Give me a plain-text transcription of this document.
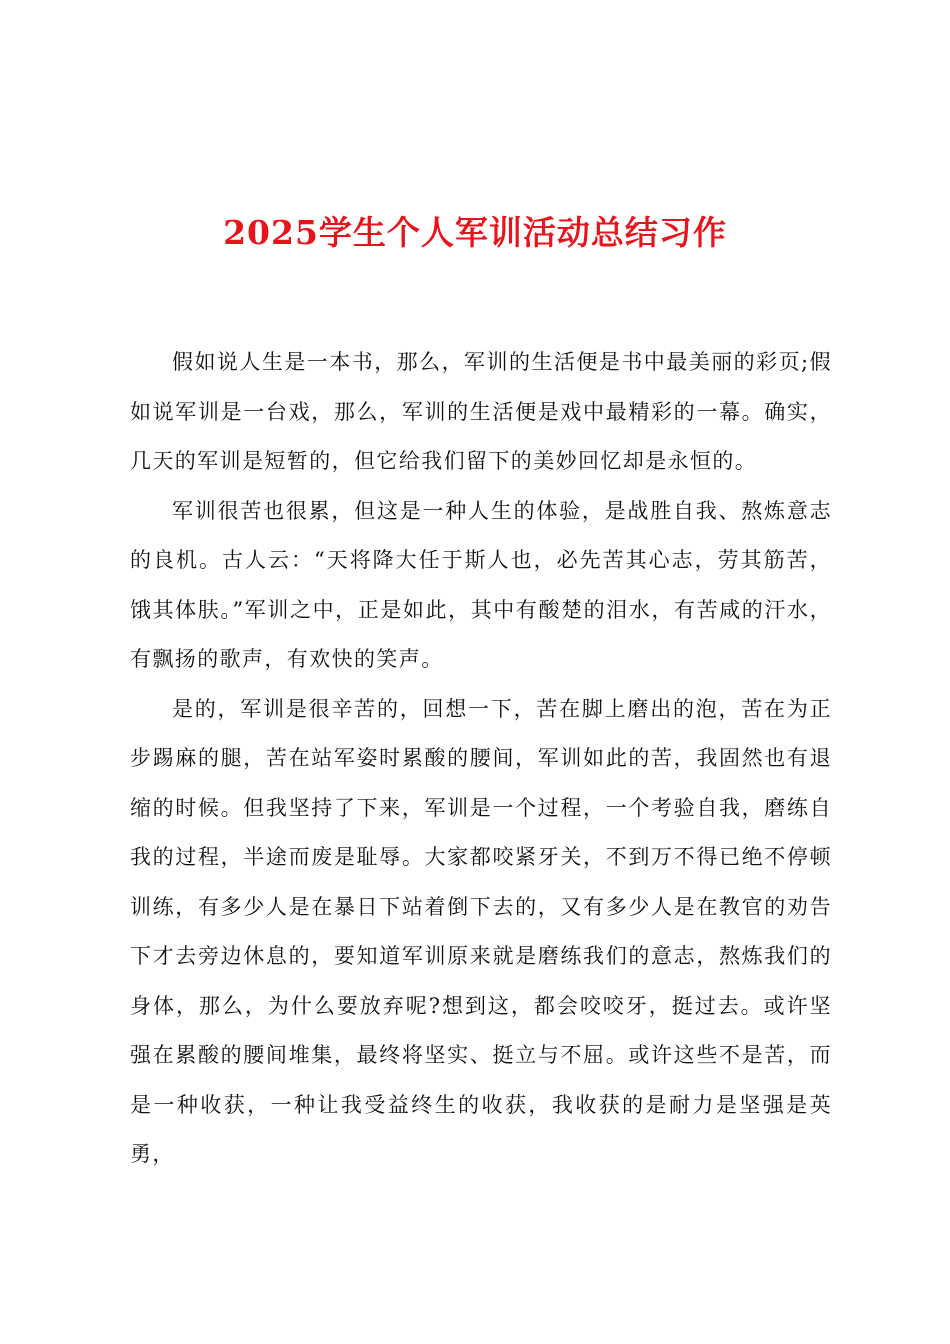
2025学生个人军训活动总结习作

假如说人生是一本书，那么，军训的生活便是书中最美丽的彩页;假如说军训是一台戏，那么，军训的生活便是戏中最精彩的一幕。确实，几天的军训是短暂的，但它给我们留下的美妙回忆却是永恒的。

军训很苦也很累，但这是一种人生的体验，是战胜自我、熬炼意志的良机。古人云：“天将降大任于斯人也，必先苦其心志，劳其筋苦，饿其体肤。”军训之中，正是如此，其中有酸楚的泪水，有苦咸的汗水，有飘扬的歌声，有欢快的笑声。

是的，军训是很辛苦的，回想一下，苦在脚上磨出的泡，苦在为正步踢麻的腿，苦在站军姿时累酸的腰间，军训如此的苦，我固然也有退缩的时候。但我坚持了下来，军训是一个过程，一个考验自我，磨练自我的过程，半途而废是耻辱。大家都咬紧牙关，不到万不得已绝不停顿训练，有多少人是在暴日下站着倒下去的，又有多少人是在教官的劝告下才去旁边休息的，要知道军训原来就是磨练我们的意志，熬炼我们的身体，那么，为什么要放弃呢?想到这，都会咬咬牙，挺过去。或许坚强在累酸的腰间堆集，最终将坚实、挺立与不屈。或许这些不是苦，而是一种收获，一种让我受益终生的收获，我收获的是耐力是坚强是英勇，
